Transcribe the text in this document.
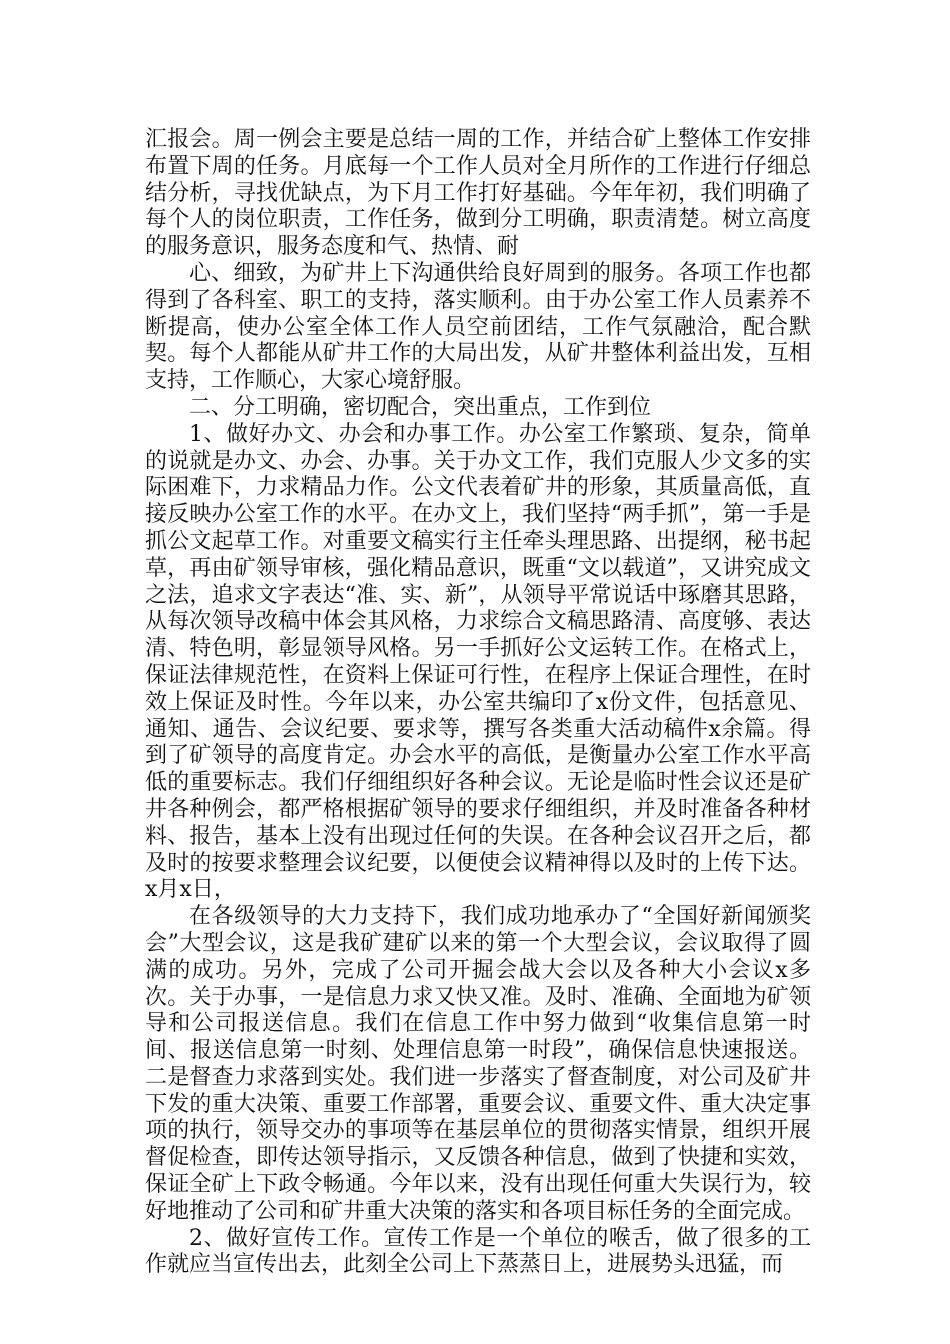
汇报会。周一例会主要是总结一周的工作，并结合矿上整体工作安排布置下周的任务。月底每一个工作人员对全月所作的工作进行仔细总结分析，寻找优缺点，为下月工作打好基础。今年年初，我们明确了每个人的岗位职责，工作任务，做到分工明确，职责清楚。树立高度的服务意识，服务态度和气、热情、耐

心、细致，为矿井上下沟通供给良好周到的服务。各项工作也都得到了各科室、职工的支持，落实顺利。由于办公室工作人员素养不断提高，使办公室全体工作人员空前团结，工作气氛融洽，配合默契。每个人都能从矿井工作的大局出发，从矿井整体利益出发，互相支持，工作顺心，大家心境舒服。

二、分工明确，密切配合，突出重点，工作到位

1、做好办文、办会和办事工作。办公室工作繁琐、复杂，简单的说就是办文、办会、办事。关于办文工作，我们克服人少文多的实际困难下，力求精品力作。公文代表着矿井的形象，其质量高低，直接反映办公室工作的水平。在办文上，我们坚持“两手抓”，第一手是抓公文起草工作。对重要文稿实行主任牵头理思路、出提纲，秘书起草，再由矿领导审核，强化精品意识，既重“文以载道”，又讲究成文之法，追求文字表达“准、实、新”，从领导平常说话中琢磨其思路，从每次领导改稿中体会其风格，力求综合文稿思路清、高度够、表达清、特色明，彰显领导风格。另一手抓好公文运转工作。在格式上，保证法律规范性，在资料上保证可行性，在程序上保证合理性，在时效上保证及时性。今年以来，办公室共编印了x份文件，包括意见、通知、通告、会议纪要、要求等，撰写各类重大活动稿件x余篇。得到了矿领导的高度肯定。办会水平的高低，是衡量办公室工作水平高低的重要标志。我们仔细组织好各种会议。无论是临时性会议还是矿井各种例会，都严格根据矿领导的要求仔细组织，并及时准备各种材料、报告，基本上没有出现过任何的失误。在各种会议召开之后，都及时的按要求整理会议纪要，以便使会议精神得以及时的上传下达。x月x日，

在各级领导的大力支持下，我们成功地承办了“全国好新闻颁奖会”大型会议，这是我矿建矿以来的第一个大型会议，会议取得了圆满的成功。另外，完成了公司开掘会战大会以及各种大小会议x多次。关于办事，一是信息力求又快又准。及时、准确、全面地为矿领导和公司报送信息。我们在信息工作中努力做到“收集信息第一时间、报送信息第一时刻、处理信息第一时段”，确保信息快速报送。二是督查力求落到实处。我们进一步落实了督查制度，对公司及矿井下发的重大决策、重要工作部署，重要会议、重要文件、重大决定事项的执行，领导交办的事项等在基层单位的贯彻落实情景，组织开展督促检查，即传达领导指示，又反馈各种信息，做到了快捷和实效，保证全矿上下政令畅通。今年以来，没有出现任何重大失误行为，较好地推动了公司和矿井重大决策的落实和各项目标任务的全面完成。

2、做好宣传工作。宣传工作是一个单位的喉舌，做了很多的工作就应当宣传出去，此刻全公司上下蒸蒸日上，进展势头迅猛，而
